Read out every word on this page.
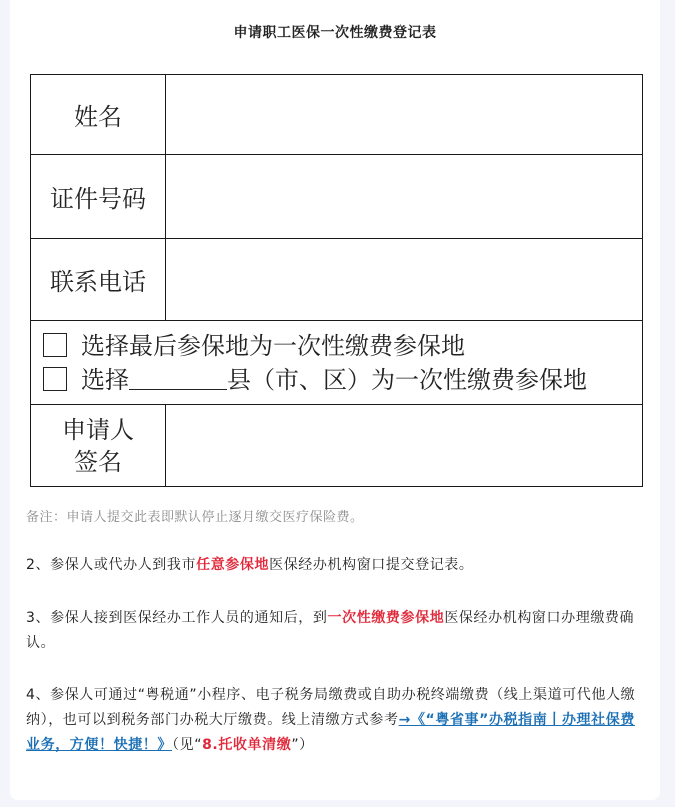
申请职工医保一次性缴费登记表
姓名	
证件号码	
联系电话	

选择最后参保地为一次性缴费参保地
选择 县（市、区）为一次性缴费参保地	

申请人
签名	

备注：申请人提交此表即默认停止逐月缴交医疗保险费。
2、参保人或代办人到我市任意参保地医保经办机构窗口提交登记表。
3、参保人接到医保经办工作人员的通知后，到一次性缴费参保地医保经办机构窗口办理缴费确认。
4、参保人可通过“粤税通”小程序、电子税务局缴费或自助办税终端缴费（线上渠道可代他人缴纳），也可以到税务部门办税大厅缴费。线上清缴方式参考→《“粤省事”办税指南丨办理社保费业务，方便！快捷！》（见“8.托收单清缴”）
